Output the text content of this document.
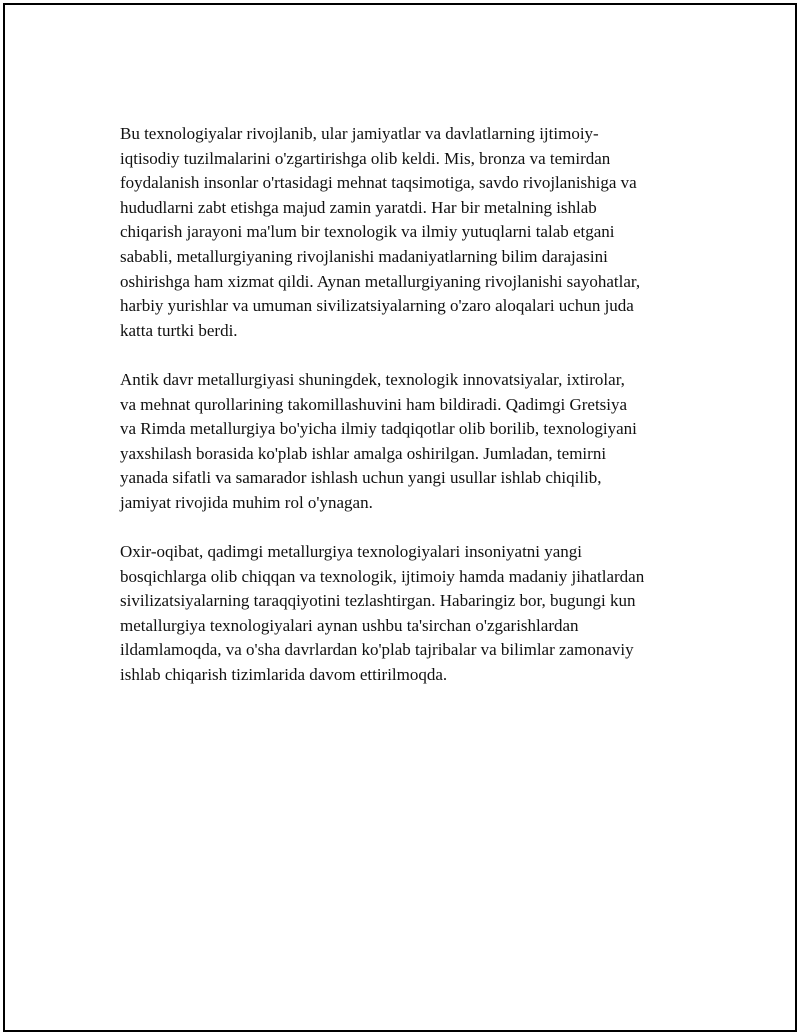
Bu texnologiyalar rivojlanib, ular jamiyatlar va davlatlarning ijtimoiy-
iqtisodiy tuzilmalarini o'zgartirishga olib keldi. Mis, bronza va temirdan
foydalanish insonlar o'rtasidagi mehnat taqsimotiga, savdo rivojlanishiga va
hududlarni zabt etishga majud zamin yaratdi. Har bir metalning ishlab
chiqarish jarayoni ma'lum bir texnologik va ilmiy yutuqlarni talab etgani
sababli, metallurgiyaning rivojlanishi madaniyatlarning bilim darajasini
oshirishga ham xizmat qildi. Aynan metallurgiyaning rivojlanishi sayohatlar,
harbiy yurishlar va umuman sivilizatsiyalarning o'zaro aloqalari uchun juda
katta turtki berdi.

Antik davr metallurgiyasi shuningdek, texnologik innovatsiyalar, ixtirolar,
va mehnat qurollarining takomillashuvini ham bildiradi. Qadimgi Gretsiya
va Rimda metallurgiya bo'yicha ilmiy tadqiqotlar olib borilib, texnologiyani
yaxshilash borasida ko'plab ishlar amalga oshirilgan. Jumladan, temirni
yanada sifatli va samarador ishlash uchun yangi usullar ishlab chiqilib,
jamiyat rivojida muhim rol o'ynagan.

Oxir-oqibat, qadimgi metallurgiya texnologiyalari insoniyatni yangi
bosqichlarga olib chiqqan va texnologik, ijtimoiy hamda madaniy jihatlardan
sivilizatsiyalarning taraqqiyotini tezlashtirgan. Habaringiz bor, bugungi kun
metallurgiya texnologiyalari aynan ushbu ta'sirchan o'zgarishlardan
ildamlamoqda, va o'sha davrlardan ko'plab tajribalar va bilimlar zamonaviy
ishlab chiqarish tizimlarida davom ettirilmoqda.
